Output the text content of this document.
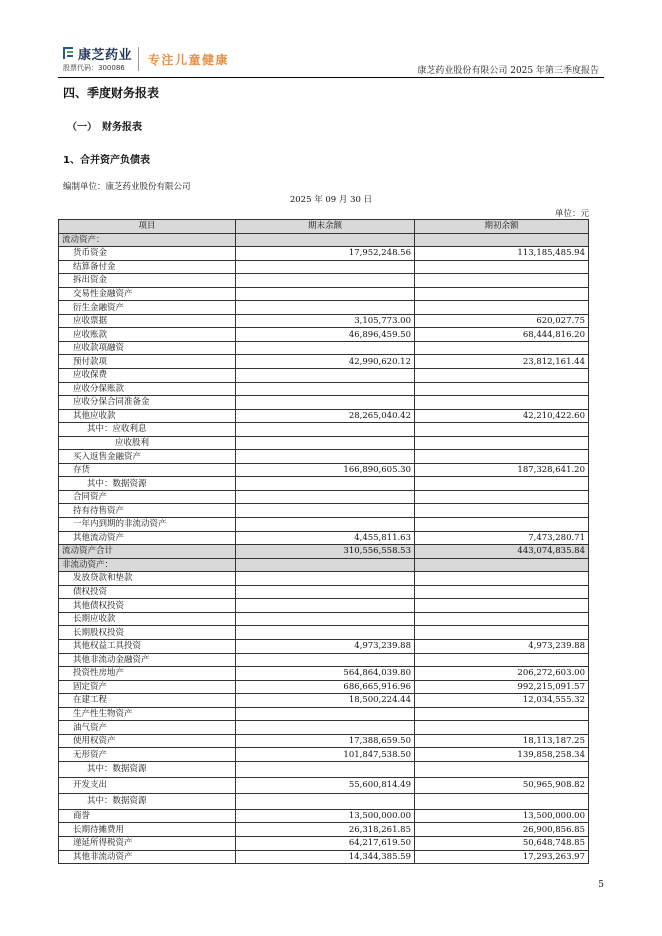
康芝药业
股票代码：300086
专注儿童健康
康芝药业股份有限公司 2025 年第三季度报告
四、季度财务报表
（一）　财务报表
1、合并资产负债表
编制单位：康芝药业股份有限公司
2025 年 09 月 30 日
单位：元
项目	期末余额	期初余额
流动资产：		
货币资金	17,952,248.56	113,185,485.94
结算备付金		
拆出资金		
交易性金融资产		
衍生金融资产		
应收票据	3,105,773.00	620,027.75
应收账款	46,896,459.50	68,444,816.20
应收款项融资		
预付款项	42,990,620.12	23,812,161.44
应收保费		
应收分保账款		
应收分保合同准备金		
其他应收款	28,265,040.42	42,210,422.60
其中：应收利息		
应收股利		
买入返售金融资产		
存货	166,890,605.30	187,328,641.20
其中：数据资源		
合同资产		
持有待售资产		
一年内到期的非流动资产		
其他流动资产	4,455,811.63	7,473,280.71
流动资产合计	310,556,558.53	443,074,835.84
非流动资产：		
发放贷款和垫款		
债权投资		
其他债权投资		
长期应收款		
长期股权投资		
其他权益工具投资	4,973,239.88	4,973,239.88
其他非流动金融资产		
投资性房地产	564,864,039.80	206,272,603.00
固定资产	686,665,916.96	992,215,091.57
在建工程	18,500,224.44	12,034,555.32
生产性生物资产		
油气资产		
使用权资产	17,388,659.50	18,113,187.25
无形资产	101,847,538.50	139,858,258.34
其中：数据资源		
开发支出	55,600,814.49	50,965,908.82
其中：数据资源		
商誉	13,500,000.00	13,500,000.00
长期待摊费用	26,318,261.85	26,900,856.85
递延所得税资产	64,217,619.50	50,648,748.85
其他非流动资产	14,344,385.59	17,293,263.97
5
